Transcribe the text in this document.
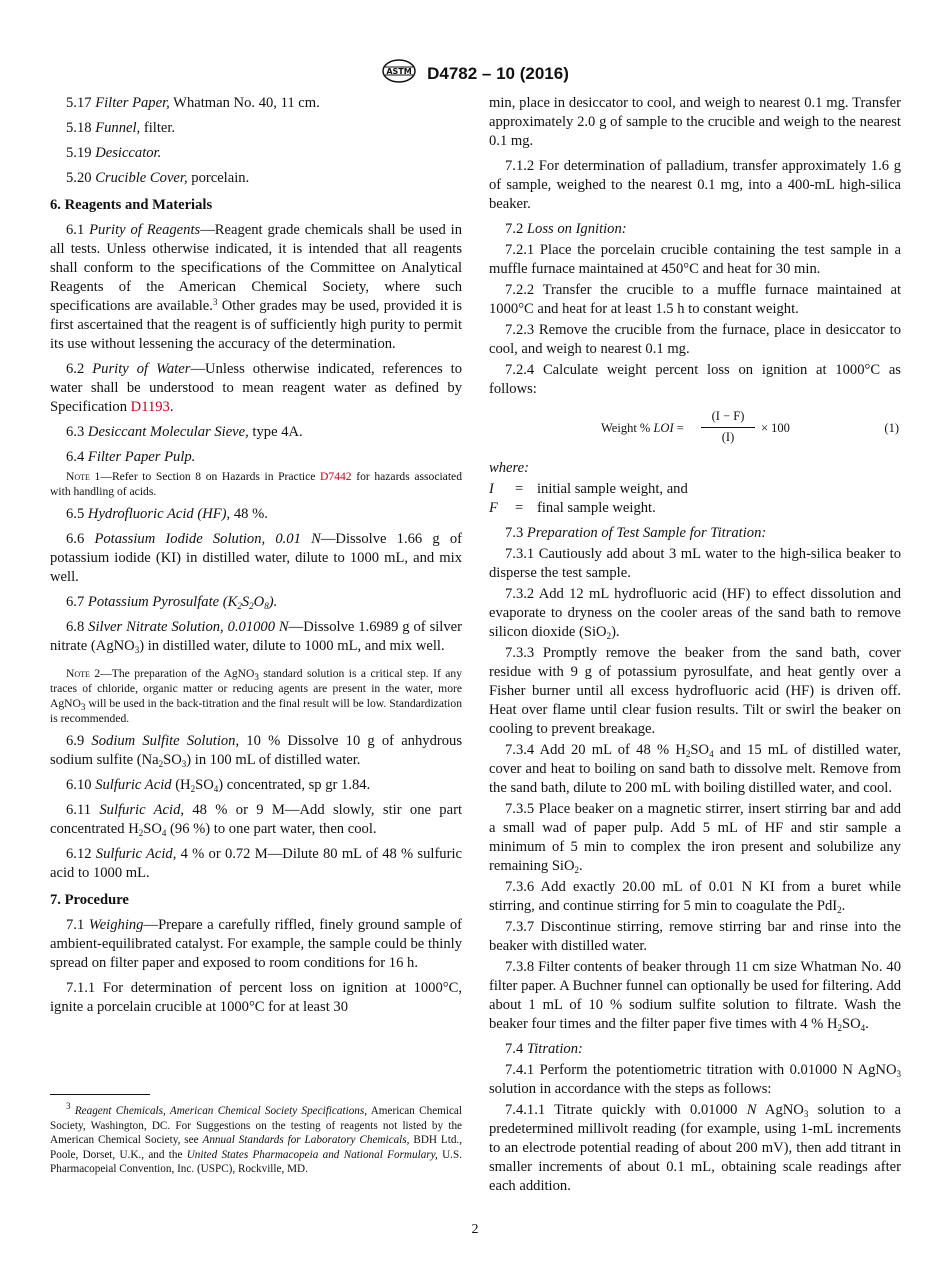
ASTM D4782 – 10 (2016)
5.17 Filter Paper, Whatman No. 40, 11 cm.
5.18 Funnel, filter.
5.19 Desiccator.
5.20 Crucible Cover, porcelain.
6. Reagents and Materials

6.1 Purity of Reagents—Reagent grade chemicals shall be used in all tests. Unless otherwise indicated, it is intended that all reagents shall conform to the specifications of the Committee on Analytical Reagents of the American Chemical Society, where such specifications are available.$^3$ Other grades may be used, provided it is first ascertained that the reagent is of sufficiently high purity to permit its use without lessening the accuracy of the determination.

6.2 Purity of Water—Unless otherwise indicated, references to water shall be understood to mean reagent water as defined by Specification D1193.

6.3 Desiccant Molecular Sieve, type 4A.
6.4 Filter Paper Pulp.

Note 1—Refer to Section 8 on Hazards in Practice D7442 for hazards associated with handling of acids.

6.5 Hydrofluoric Acid (HF), 48 %.

6.6 Potassium Iodide Solution, 0.01 N—Dissolve 1.66 g of potassium iodide (KI) in distilled water, dilute to 1000 mL, and mix well.

6.7 Potassium Pyrosulfate $(K_2S_2O_8)$.

6.8 Silver Nitrate Solution, 0.01000 N—Dissolve 1.6989 g of silver nitrate (AgNO$_3$) in distilled water, dilute to 1000 mL, and mix well.

Note 2—The preparation of the AgNO$_3$ standard solution is a critical step. If any traces of chloride, organic matter or reducing agents are present in the water, more AgNO$_3$ will be used in the back-titration and the final result will be low. Standardization is recommended.

6.9 Sodium Sulfite Solution, 10 % Dissolve 10 g of anhydrous sodium sulfite $(Na_2SO_3)$ in 100 mL of distilled water.

6.10 Sulfuric Acid $(H_2SO_4)$ concentrated, sp gr 1.84.

6.11 Sulfuric Acid, 48 % or 9 M—Add slowly, stir one part concentrated $H_2SO_4$ (96 %) to one part water, then cool.

6.12 Sulfuric Acid, 4 % or 0.72 M—Dilute 80 mL of 48 % sulfuric acid to 1000 mL.

7. Procedure

7.1 Weighing—Prepare a carefully riffled, finely ground sample of ambient-equilibrated catalyst. For example, the sample could be thinly spread on filter paper and exposed to room conditions for 16 h.

7.1.1 For determination of percent loss on ignition at 1000°C, ignite a porcelain crucible at 1000°C for at least 30

$^3$ Reagent Chemicals, American Chemical Society Specifications, American Chemical Society, Washington, DC. For Suggestions on the testing of reagents not listed by the American Chemical Society, see Annual Standards for Laboratory Chemicals, BDH Ltd., Poole, Dorset, U.K., and the United States Pharmacopeia and National Formulary, U.S. Pharmacopeial Convention, Inc. (USPC), Rockville, MD.

min, place in desiccator to cool, and weigh to nearest 0.1 mg. Transfer approximately 2.0 g of sample to the crucible and weigh to the nearest 0.1 mg.

7.1.2 For determination of palladium, transfer approximately 1.6 g of sample, weighed to the nearest 0.1 mg, into a 400-mL high-silica beaker.

7.2 Loss on Ignition:

7.2.1 Place the porcelain crucible containing the test sample in a muffle furnace maintained at 450°C and heat for 30 min.

7.2.2 Transfer the crucible to a muffle furnace maintained at 1000°C and heat for at least 1.5 h to constant weight.

7.2.3 Remove the crucible from the furnace, place in desiccator to cool, and weigh to nearest 0.1 mg.

7.2.4 Calculate weight percent loss on ignition at 1000°C as follows:

Weight % LOI = $\frac{(I - F)}{(I)} \times 100$	(1)
where:
I = initial sample weight, and
F = final sample weight.
7.3 Preparation of Test Sample for Titration:

7.3.1 Cautiously add about 3 mL water to the high-silica beaker to disperse the test sample.

7.3.2 Add 12 mL hydrofluoric acid (HF) to effect dissolution and evaporate to dryness on the cooler areas of the sand bath to remove silicon dioxide (SiO$_2$).

7.3.3 Promptly remove the beaker from the sand bath, cover residue with 9 g of potassium pyrosulfate, and heat gently over a Fisher burner until all excess hydrofluoric acid (HF) is driven off. Heat over flame until clear fusion results. Tilt or swirl the beaker on cooling to prevent breakage.

7.3.4 Add 20 mL of 48 % $H_2SO_4$ and 15 mL of distilled water, cover and heat to boiling on sand bath to dissolve melt. Remove from the sand bath, dilute to 200 mL with boiling distilled water, and cool.

7.3.5 Place beaker on a magnetic stirrer, insert stirring bar and add a small wad of paper pulp. Add 5 mL of HF and stir sample a minimum of 5 min to complex the iron present and solubilize any remaining SiO$_2$.

7.3.6 Add exactly 20.00 mL of 0.01 N KI from a buret while stirring, and continue stirring for 5 min to coagulate the PdI$_2$.

7.3.7 Discontinue stirring, remove stirring bar and rinse into the beaker with distilled water.

7.3.8 Filter contents of beaker through 11 cm size Whatman No. 40 filter paper. A Buchner funnel can optionally be used for filtering. Add about 1 mL of 10 % sodium sulfite solution to filtrate. Wash the beaker four times and the filter paper five times with 4 % $H_2SO_4$.

7.4 Titration:

7.4.1 Perform the potentiometric titration with 0.01000 N AgNO$_3$ solution in accordance with the steps as follows:

7.4.1.1 Titrate quickly with 0.01000 N AgNO$_3$ solution to a predetermined millivolt reading (for example, using 1-mL increments to an electrode potential reading of about 200 mV), then add titrant in smaller increments of about 0.1 mL, obtaining scale readings after each addition.

2
